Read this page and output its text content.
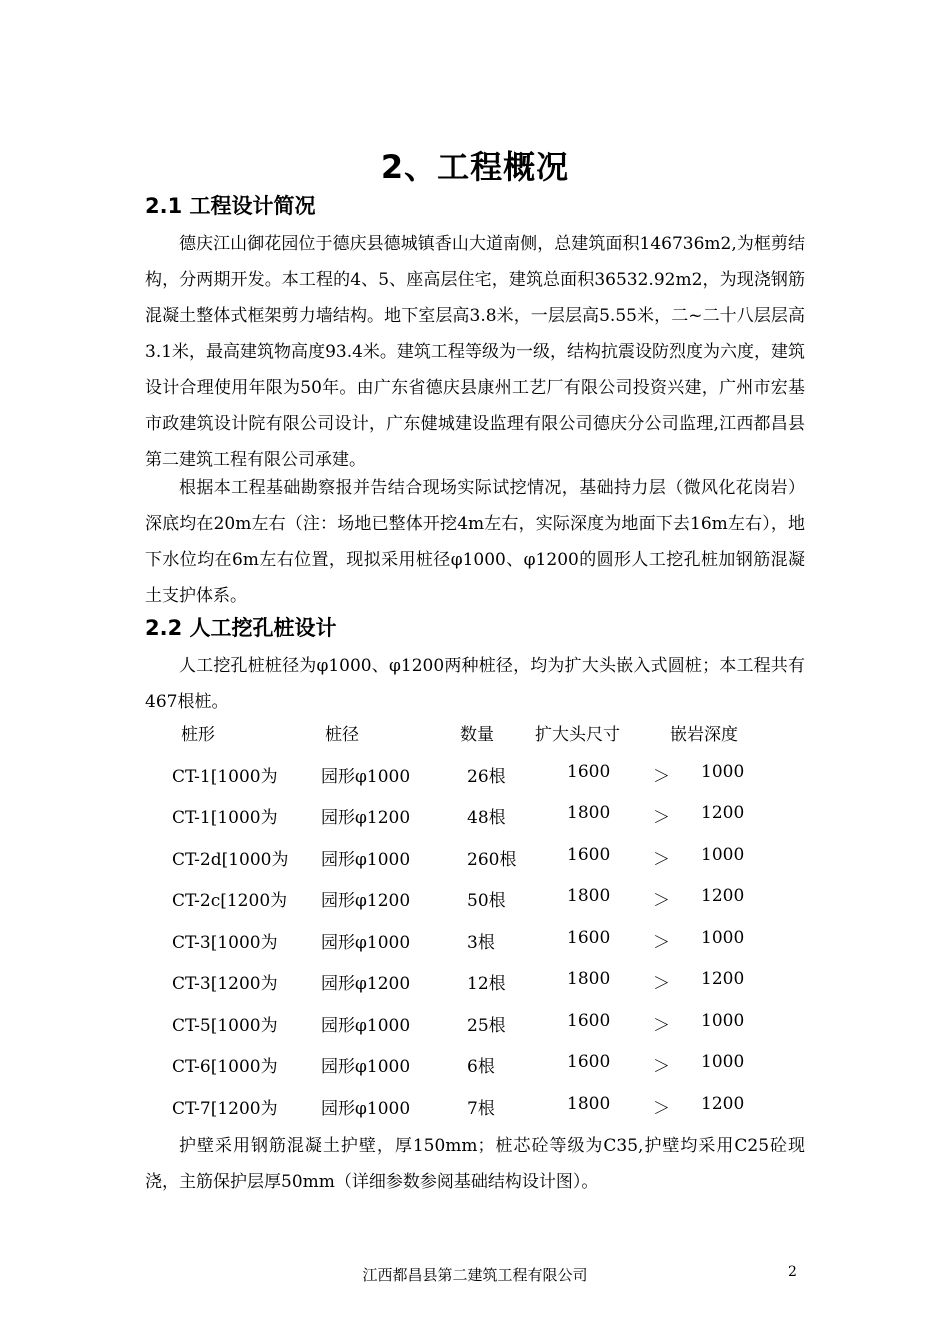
2、工程概况
2.1 工程设计简况

德庆江山御花园位于德庆县德城镇香山大道南侧，总建筑面积146736m2,为框剪结构，分两期开发。本工程的4、5、座高层住宅，建筑总面积36532.92m2，为现浇钢筋混凝土整体式框架剪力墙结构。地下室层高3.8米，一层层高5.55米，二~二十八层层高3.1米，最高建筑物高度93.4米。建筑工程等级为一级，结构抗震设防烈度为六度，建筑设计合理使用年限为50年。由广东省德庆县康州工艺厂有限公司投资兴建，广州市宏基市政建筑设计院有限公司设计，广东健城建设监理有限公司德庆分公司监理,江西都昌县第二建筑工程有限公司承建。

根据本工程基础勘察报并告结合现场实际试挖情况，基础持力层（微风化花岗岩）深底均在20m左右（注：场地已整体开挖4m左右，实际深度为地面下去16m左右），地下水位均在6m左右位置，现拟采用桩径φ1000、φ1200的圆形人工挖孔桩加钢筋混凝土支护体系。

2.2 人工挖孔桩设计

人工挖孔桩桩径为φ1000、φ1200两种桩径，均为扩大头嵌入式圆桩；本工程共有467根桩。

桩形	桩径	数量 扩大头尺寸	嵌岩深度
CT-1[1000为	园形φ1000	26根	1600	＞ 1000
CT-1[1000为	园形φ1200	48根	1800	＞ 1200
CT-2d[1000为 园形φ1000	260根	1600	＞ 1000
CT-2c[1200为 园形φ1200	50根	1800	＞ 1200
CT-3[1000为	园形φ1000	3根	1600	＞ 1000
CT-3[1200为	园形φ1200	12根	1800	＞ 1200
CT-5[1000为	园形φ1000	25根	1600	＞ 1000
CT-6[1000为	园形φ1000	6根	1600	＞ 1000
CT-7[1200为	园形φ1000	7根	1800	＞ 1200

护壁采用钢筋混凝土护壁，厚150mm；桩芯砼等级为C35,护壁均采用C25砼现浇，主筋保护层厚50mm（详细参数参阅基础结构设计图）。

江西都昌县第二建筑工程有限公司	2
